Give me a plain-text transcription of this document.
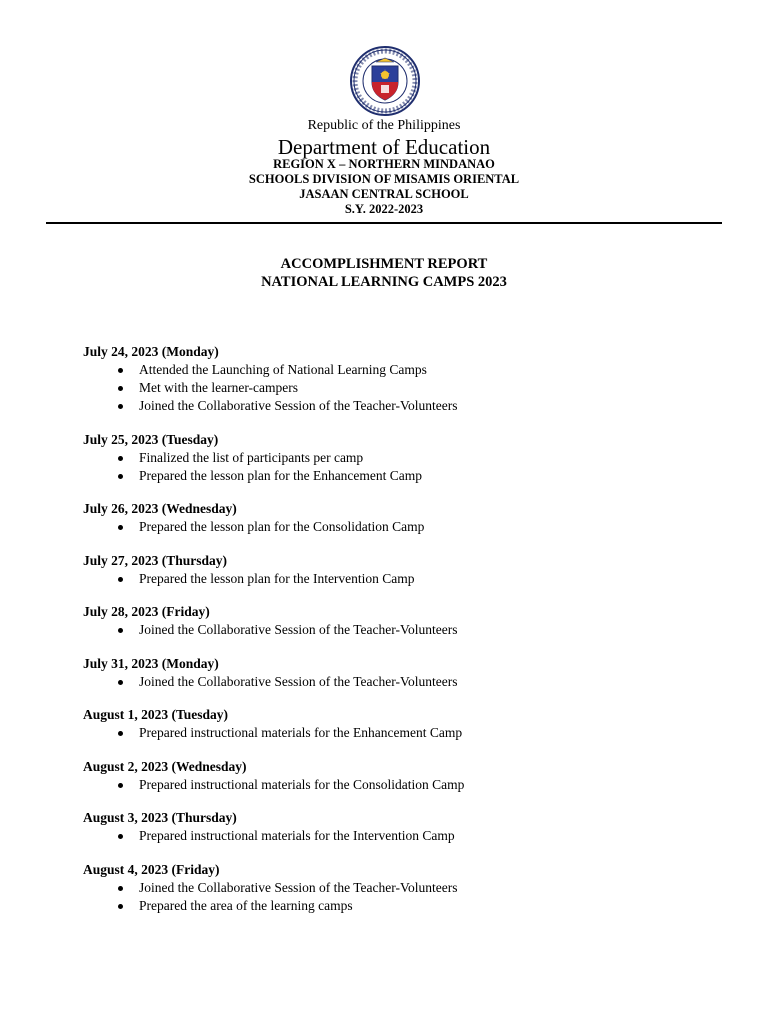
Republic of the Philippines
Department of Education
REGION X – NORTHERN MINDANAO
SCHOOLS DIVISION OF MISAMIS ORIENTAL
JASAAN CENTRAL SCHOOL
S.Y. 2022-2023
ACCOMPLISHMENT REPORT
NATIONAL LEARNING CAMPS 2023
July 24, 2023 (Monday)
Attended the Launching of National Learning Camps
Met with the learner-campers
Joined the Collaborative Session of the Teacher-Volunteers
July 25, 2023 (Tuesday)
Finalized the list of participants per camp
Prepared the lesson plan for the Enhancement Camp
July 26, 2023 (Wednesday)
Prepared the lesson plan for the Consolidation Camp
July 27, 2023 (Thursday)
Prepared the lesson plan for the Intervention Camp
July 28, 2023 (Friday)
Joined the Collaborative Session of the Teacher-Volunteers
July 31, 2023 (Monday)
Joined the Collaborative Session of the Teacher-Volunteers
August 1, 2023 (Tuesday)
Prepared instructional materials for the Enhancement Camp
August 2, 2023 (Wednesday)
Prepared instructional materials for the Consolidation Camp
August 3, 2023 (Thursday)
Prepared instructional materials for the Intervention Camp
August 4, 2023 (Friday)
Joined the Collaborative Session of the Teacher-Volunteers
Prepared the area of the learning camps
